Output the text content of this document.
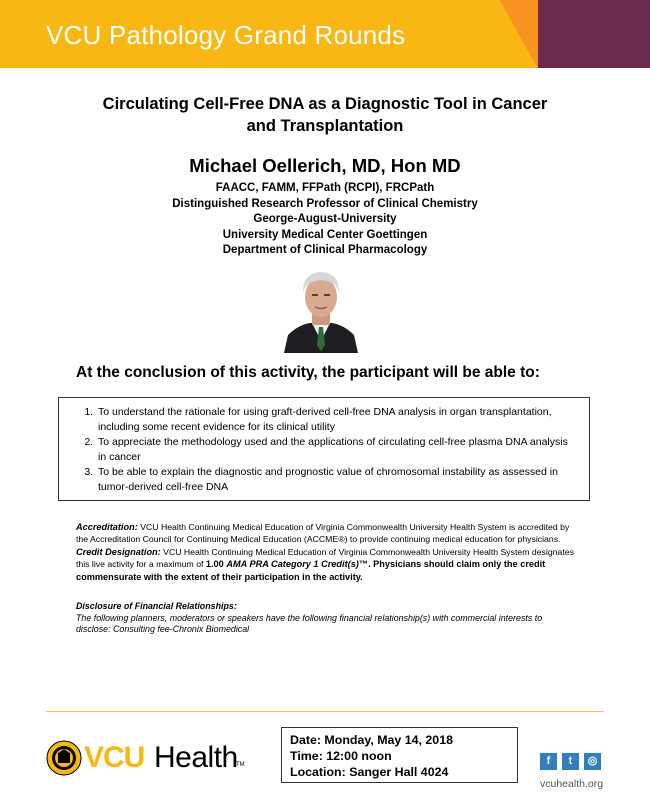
VCU Pathology Grand Rounds
Circulating Cell-Free DNA as a Diagnostic Tool in Cancer
and Transplantation
Michael Oellerich, MD, Hon MD
FAACC, FAMM, FFPath (RCPI), FRCPath
Distinguished Research Professor of Clinical Chemistry
George-August-University
University Medical Center Goettingen
Department of Clinical Pharmacology
At the conclusion of this activity, the participant will be able to:
1. To understand the rationale for using graft-derived cell-free DNA analysis in organ transplantation, including some recent evidence for its clinical utility
2. To appreciate the methodology used and the applications of circulating cell-free plasma DNA analysis in cancer
3. To be able to explain the diagnostic and prognostic value of chromosomal instability as assessed in tumor-derived cell-free DNA

Accreditation: VCU Health Continuing Medical Education of Virginia Commonwealth University Health System is accredited by the Accreditation Council for Continuing Medical Education (ACCME®) to provide continuing medical education for physicians.

Credit Designation: VCU Health Continuing Medical Education of Virginia Commonwealth University Health System designates this live activity for a maximum of 1.00 AMA PRA Category 1 Credit(s)™. Physicians should claim only the credit commensurate with the extent of their participation in the activity.

Disclosure of Financial Relationships:
The following planners, moderators or speakers have the following financial relationship(s) with commercial interests to disclose: Consulting fee-Chronix Biomedical
VCU Health
TM
Date: Monday, May 14, 2018
Time: 12:00 noon
Location: Sanger Hall 4024
f	t	◎
vcuhealth.org
